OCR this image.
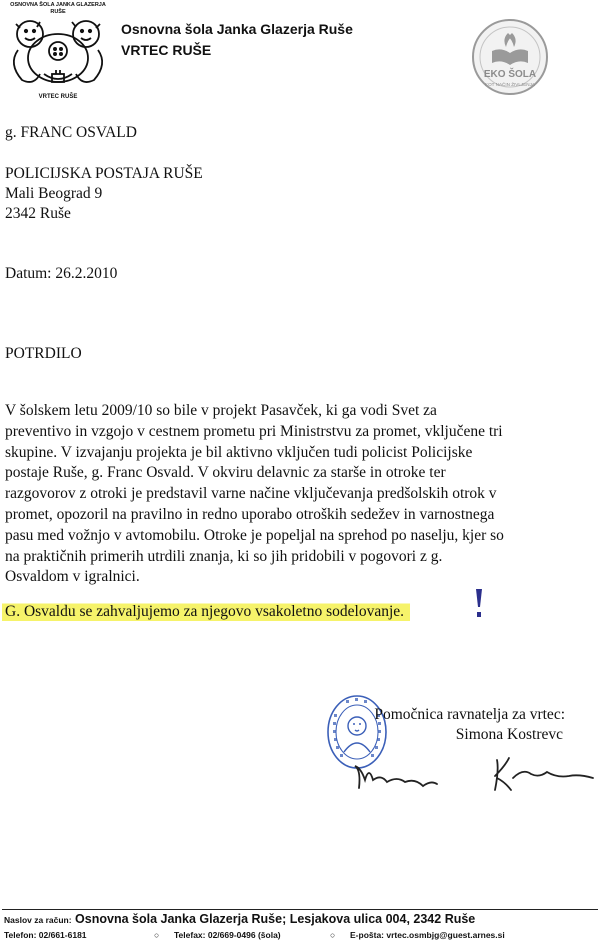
OSNOVNA ŠOLA JANKA GLAZERJA
RUŠE
VRTEC RUŠE
Osnovna šola Janka Glazerja Ruše
VRTEC RUŠE
EKO ŠOLA
KOT NAČIN ŽIVLJENJA
g. FRANC OSVALD
POLICIJSKA POSTAJA RUŠE
Mali Beograd 9
2342 Ruše
Datum: 26.2.2010
POTRDILO
V šolskem letu 2009/10 so bile v projekt Pasavček, ki ga vodi Svet za
preventivo in vzgojo v cestnem prometu pri Ministrstvu za promet, vključene tri
skupine. V izvajanju projekta je bil aktivno vključen tudi policist Policijske
postaje Ruše, g. Franc Osvald. V okviru delavnic za starše in otroke ter
razgovorov z otroki je predstavil varne načine vključevanja predšolskih otrok v
promet, opozoril na pravilno in redno uporabo otroških sedežev in varnostnega
pasu med vožnjo v avtomobilu. Otroke je popeljal na sprehod po naselju, kjer so
na praktičnih primerih utrdili znanja, ki so jih pridobili v pogovori z g.
Osvaldom v igralnici.
G. Osvaldu se zahvaljujemo za njegovo vsakoletno sodelovanje.
Pomočnica ravnatelja za vrtec:
Simona Kostrevc
Naslov za račun: Osnovna šola Janka Glazerja Ruše; Lesjakova ulica 004, 2342 Ruše
Telefon: 02/661-6181	○ Telefax: 02/669-0496 (šola)	○ E-pošta: vrtec.osmbjg@guest.arnes.si
